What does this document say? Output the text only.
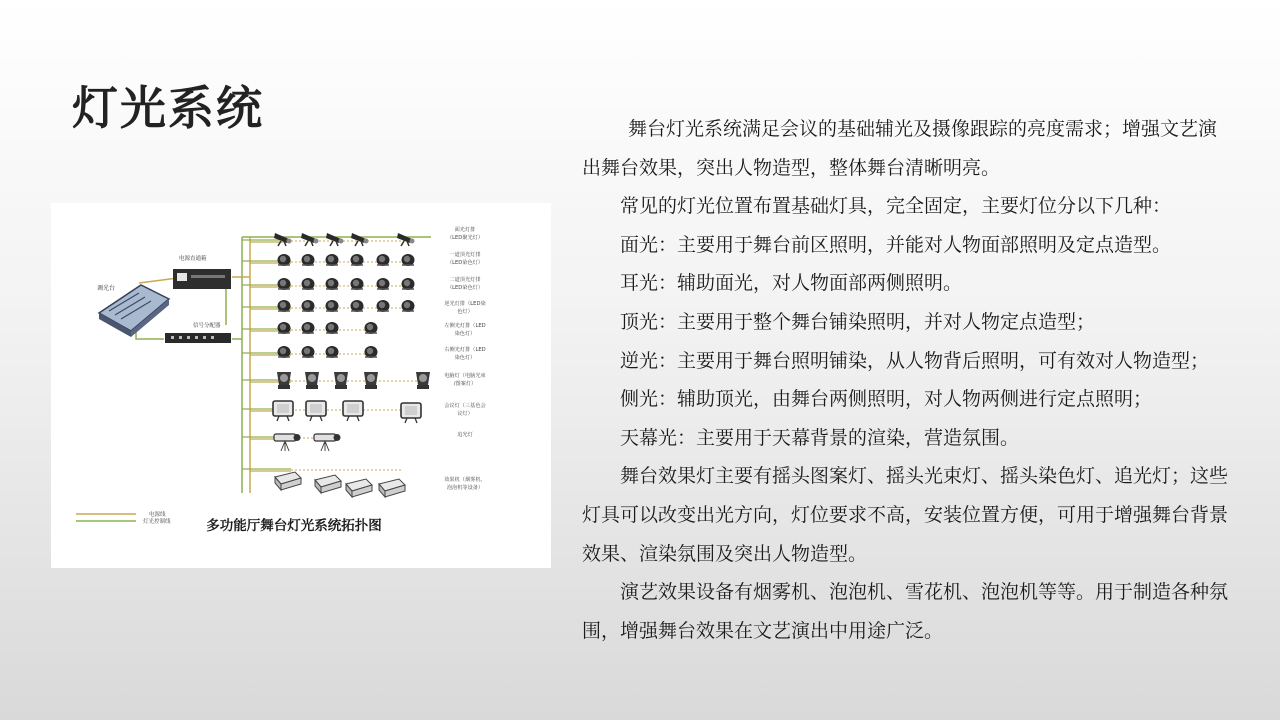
灯光系统
调光台
电源直通箱
信号分配器
面光灯排
（LED聚光灯）
一道顶光灯排
（LED染色灯）
二道顶光灯排
（LED染色灯）
逆光灯排（LED染
色灯）
左侧光灯排（LED
染色灯）
右侧光灯排（LED
染色灯）
电脑灯（电脑光束
/图案灯）
会议灯（三基色会
议灯）
追光灯
效果机（烟雾机、
泡泡机等设备）
电源线
灯光控制线	多功能厅舞台灯光系统拓扑图

舞台灯光系统满足会议的基础辅光及摄像跟踪的亮度需求；增强文艺演出舞台效果，突出人物造型，整体舞台清晰明亮。

常见的灯光位置布置基础灯具，完全固定，主要灯位分以下几种：

面光：主要用于舞台前区照明，并能对人物面部照明及定点造型。

耳光：辅助面光，对人物面部两侧照明。

顶光：主要用于整个舞台铺染照明，并对人物定点造型；

逆光：主要用于舞台照明铺染，从人物背后照明，可有效对人物造型；

侧光：辅助顶光，由舞台两侧照明，对人物两侧进行定点照明；

天幕光：主要用于天幕背景的渲染，营造氛围。

舞台效果灯主要有摇头图案灯、摇头光束灯、摇头染色灯、追光灯；这些灯具可以改变出光方向，灯位要求不高，安装位置方便，可用于增强舞台背景效果、渲染氛围及突出人物造型。

演艺效果设备有烟雾机、泡泡机、雪花机、泡泡机等等。用于制造各种氛围，增强舞台效果在文艺演出中用途广泛。
